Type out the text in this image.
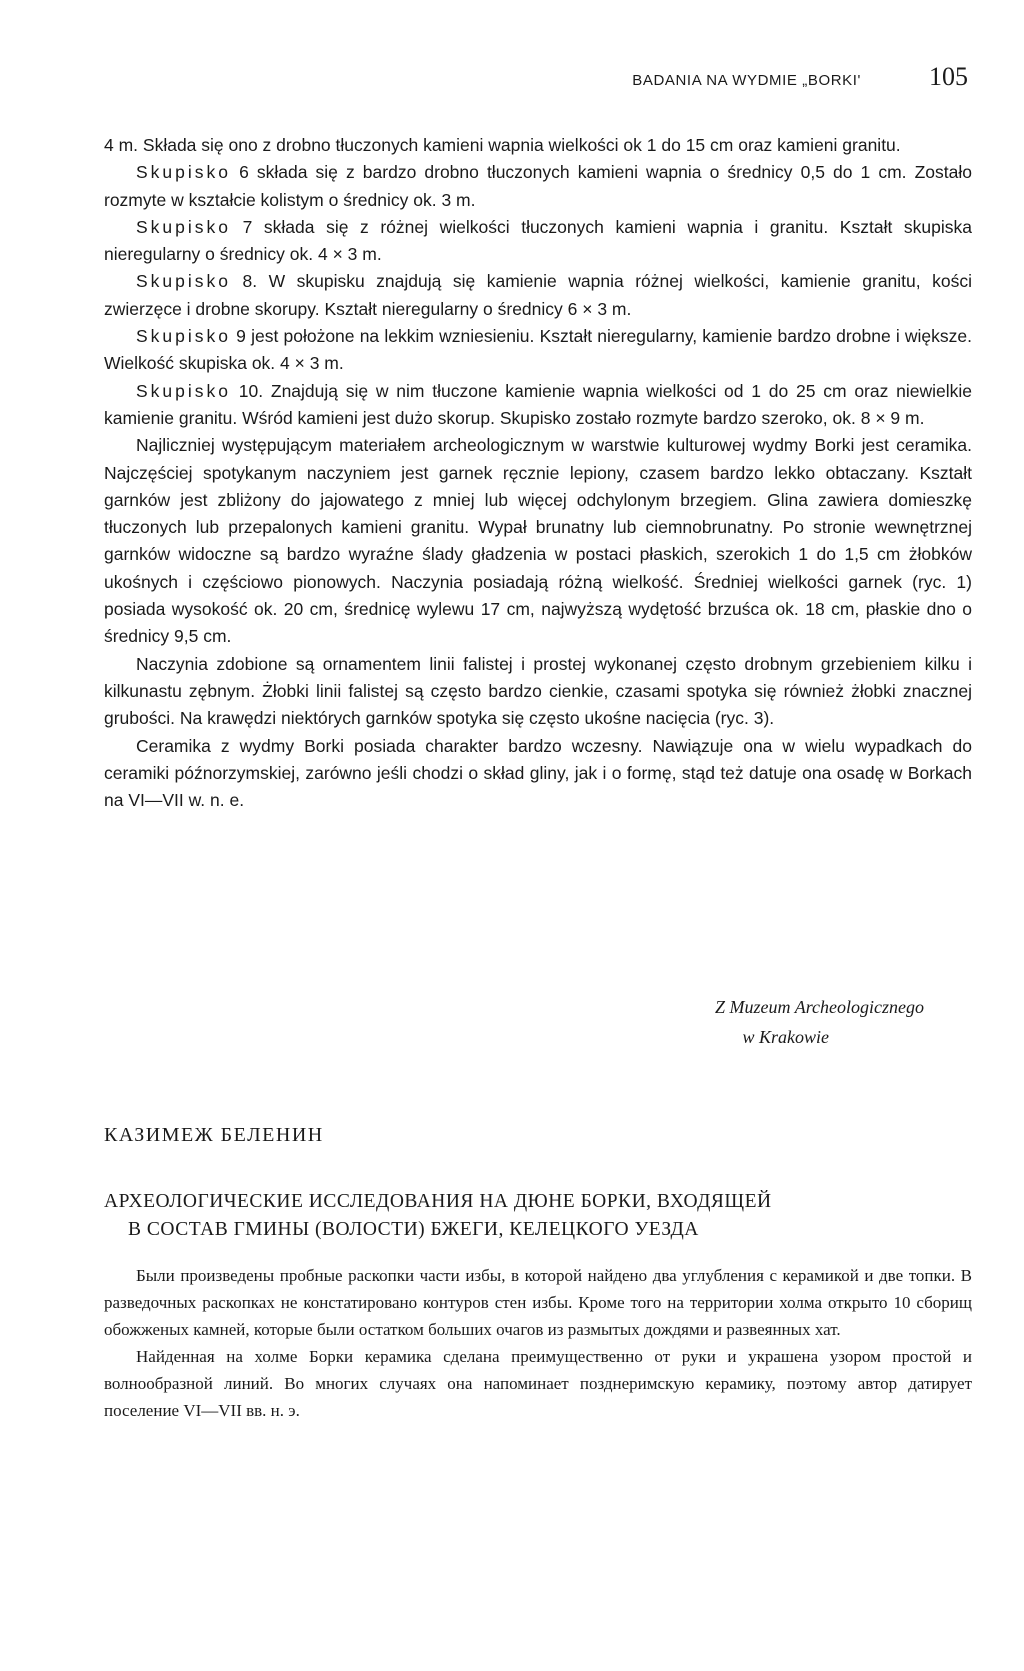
BADANIA NA WYDMIE „BORKI'	105

4 m. Składa się ono z drobno tłuczonych kamieni wapnia wielkości ok 1 do 15 cm oraz kamieni granitu.

Skupisko 6 składa się z bardzo drobno tłuczonych kamieni wapnia o średnicy 0,5 do 1 cm. Zostało rozmyte w kształcie kolistym o średnicy ok. 3 m.

Skupisko 7 składa się z różnej wielkości tłuczonych kamieni wapnia i granitu. Kształt skupiska nieregularny o średnicy ok. 4 × 3 m.

Skupisko 8. W skupisku znajdują się kamienie wapnia różnej wielkości, kamienie granitu, kości zwierzęce i drobne skorupy. Kształt nieregularny o średnicy 6 × 3 m.

Skupisko 9 jest położone na lekkim wzniesieniu. Kształt nieregularny, kamienie bardzo drobne i większe. Wielkość skupiska ok. 4 × 3 m.

Skupisko 10. Znajdują się w nim tłuczone kamienie wapnia wielkości od 1 do 25 cm oraz niewielkie kamienie granitu. Wśród kamieni jest dużo skorup. Skupisko zostało rozmyte bardzo szeroko, ok. 8 × 9 m.

Najliczniej występującym materiałem archeologicznym w warstwie kulturowej wydmy Borki jest ceramika. Najczęściej spotykanym naczyniem jest garnek ręcznie lepiony, czasem bardzo lekko obtaczany. Kształt garnków jest zbliżony do jajowatego z mniej lub więcej odchylonym brzegiem. Glina zawiera domieszkę tłuczonych lub przepalonych kamieni granitu. Wypał brunatny lub ciemnobrunatny. Po stronie wewnętrznej garnków widoczne są bardzo wyraźne ślady gładzenia w postaci płaskich, szerokich 1 do 1,5 cm żłobków ukośnych i częściowo pionowych. Naczynia posiadają różną wielkość. Średniej wielkości garnek (ryc. 1) posiada wysokość ok. 20 cm, średnicę wylewu 17 cm, najwyższą wydętość brzuśca ok. 18 cm, płaskie dno o średnicy 9,5 cm.

Naczynia zdobione są ornamentem linii falistej i prostej wykonanej często drobnym grzebieniem kilku i kilkunastu zębnym. Żłobki linii falistej są często bardzo cienkie, czasami spotyka się również żłobki znacznej grubości. Na krawędzi niektórych garnków spotyka się często ukośne nacięcia (ryc. 3).

Ceramika z wydmy Borki posiada charakter bardzo wczesny. Nawiązuje ona w wielu wypadkach do ceramiki późnorzymskiej, zarówno jeśli chodzi o skład gliny, jak i o formę, stąd też datuje ona osadę w Borkach na VI—VII w. n. e.

Z Muzeum Archeologicznego
w Krakowie
КАЗИМЕЖ БЕЛЕНИН
АРХЕОЛОГИЧЕСКИЕ ИССЛЕДОВАНИЯ НА ДЮНЕ БОРКИ, ВХОДЯЩЕЙ
В СОСТАВ ГМИНЫ (ВОЛОСТИ) БЖЕГИ, КЕЛЕЦКОГО УЕЗДА

Были произведены пробные раскопки части избы, в которой найдено два углубления с керамикой и две топки. В разведочных раскопках не констатировано контуров стен избы. Кроме того на территории холма открыто 10 сборищ обожженых камней, которые были остатком больших очагов из размытых дождями и развеянных хат.

Найденная на холме Борки керамика сделана преимущественно от руки и украшена узором простой и волнообразной линий. Во многих случаях она напоминает позднеримскую керамику, поэтому автор датирует поселение VI—VII вв. н. э.
